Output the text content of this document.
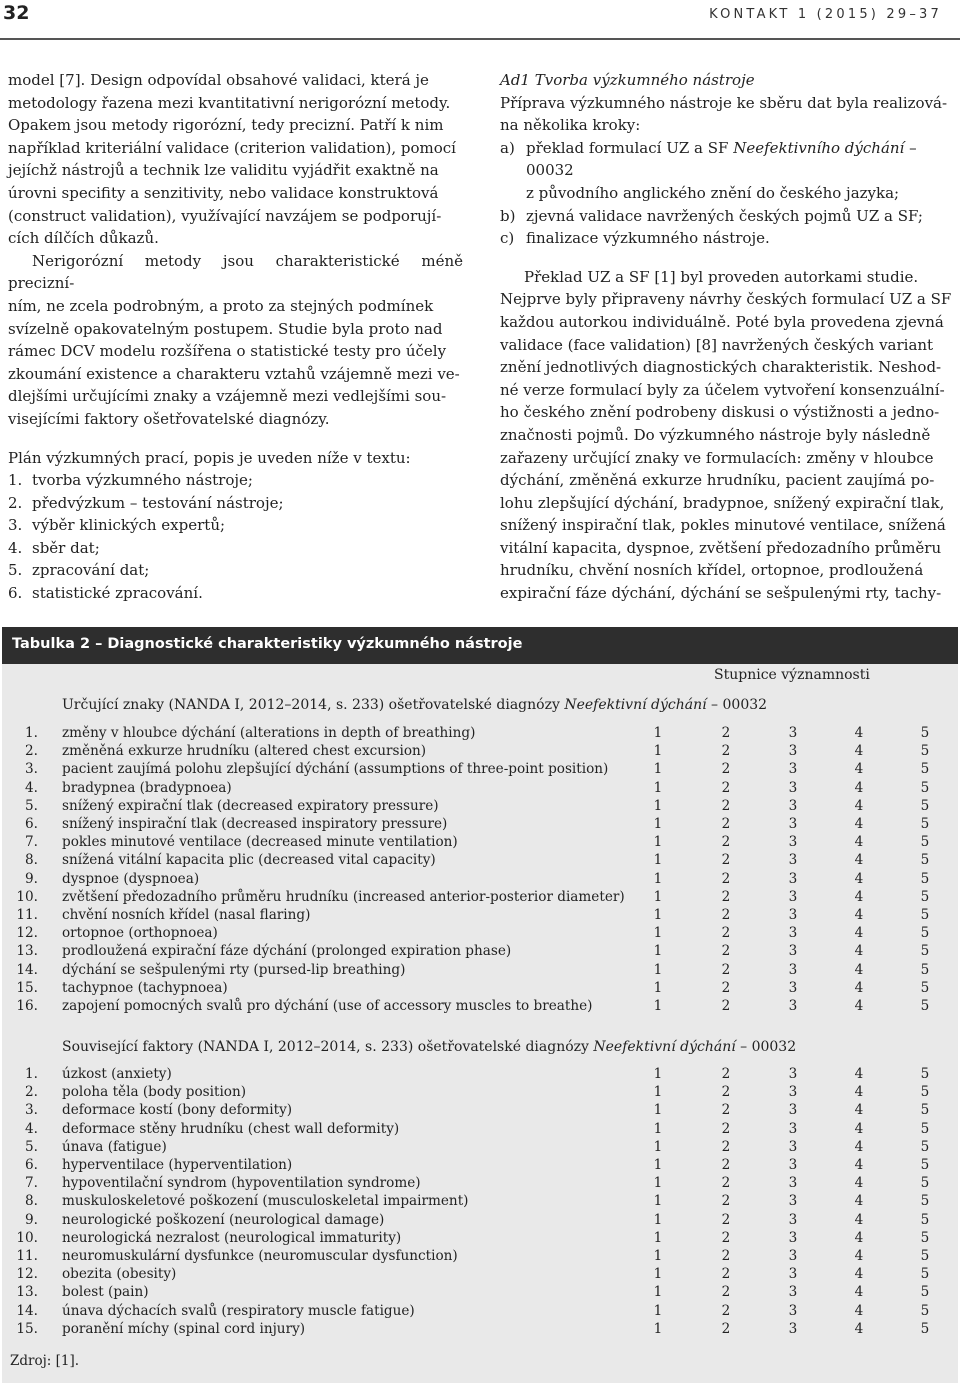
32	KONTAKT 1 (2015) 29–37
model [7]. Design odpovídal obsahové validaci, která je
metodology řazena mezi kvantitativní nerigorózní metody.
Opakem jsou metody rigorózní, tedy precizní. Patří k nim
například kriteriální validace (criterion validation), pomocí
jejíchž nástrojů a technik lze validitu vyjádřit exaktně na
úrovni specifity a senzitivity, nebo validace konstruktová
(construct validation), využívající navzájem se podporují-
cích dílčích důkazů.
Nerigorózní metody jsou charakteristické méně precizní-
ním, ne zcela podrobným, a proto za stejných podmínek
svízelně opakovatelným postupem. Studie byla proto nad
rámec DCV modelu rozšířena o statistické testy pro účely
zkoumání existence a charakteru vztahů vzájemně mezi ve-
dlejšími určujícími znaky a vzájemně mezi vedlejšími sou-
visejícími faktory ošetřovatelské diagnózy.
Plán výzkumných prací, popis je uveden níže v textu:
1. tvorba výzkumného nástroje;
2. předvýzkum – testování nástroje;
3. výběr klinických expertů;
4. sběr dat;
5. zpracování dat;
6. statistické zpracování.
Ad1 Tvorba výzkumného nástroje
Příprava výzkumného nástroje ke sběru dat byla realizová-
na několika kroky:
a) překlad formulací UZ a SF Neefektivního dýchání – 00032
z původního anglického znění do českého jazyka;
b) zjevná validace navržených českých pojmů UZ a SF;
c) finalizace výzkumného nástroje.
Překlad UZ a SF [1] byl proveden autorkami studie.
Nejprve byly připraveny návrhy českých formulací UZ a SF
každou autorkou individuálně. Poté byla provedena zjevná
validace (face validation) [8] navržených českých variant
znění jednotlivých diagnostických charakteristik. Neshod-
né verze formulací byly za účelem vytvoření konsenzuální-
ho českého znění podrobeny diskusi o výstižnosti a jedno-
značnosti pojmů. Do výzkumného nástroje byly následně
zařazeny určující znaky ve formulacích: změny v hloubce
dýchání, změněná exkurze hrudníku, pacient zaujímá po-
lohu zlepšující dýchání, bradypnoe, snížený expirační tlak,
snížený inspirační tlak, pokles minutové ventilace, snížená
vitální kapacita, dyspnoe, zvětšení předozadního průměru
hrudníku, chvění nosních křídel, ortopnoe, prodloužená
expirační fáze dýchání, dýchání se sešpulenými rty, tachy-
Tabulka 2 – Diagnostické charakteristiky výzkumného nástroje
Stupnice významnosti
Určující znaky (NANDA I, 2012–2014, s. 233) ošetřovatelské diagnózy Neefektivní dýchání – 00032
1. změny v hloubce dýchání (alterations in depth of breathing)	1	2	3	4	5
2. změněná exkurze hrudníku (altered chest excursion)	1	2	3	4	5
3. pacient zaujímá polohu zlepšující dýchání (assumptions of three-point position)	1	2	3	4	5
4. bradypnea (bradypnoea)	1	2	3	4	5
5. snížený expirační tlak (decreased expiratory pressure)	1	2	3	4	5
6. snížený inspirační tlak (decreased inspiratory pressure)	1	2	3	4	5
7. pokles minutové ventilace (decreased minute ventilation)	1	2	3	4	5
8. snížená vitální kapacita plic (decreased vital capacity)	1	2	3	4	5
9. dyspnoe (dyspnoea)	1	2	3	4	5
10. zvětšení předozadního průměru hrudníku (increased anterior-posterior diameter)	1	2	3	4	5
11. chvění nosních křídel (nasal flaring)	1	2	3	4	5
12. ortopnoe (orthopnoea)	1	2	3	4	5
13. prodloužená expirační fáze dýchání (prolonged expiration phase)	1	2	3	4	5
14. dýchání se sešpulenými rty (pursed-lip breathing)	1	2	3	4	5
15. tachypnoe (tachypnoea)	1	2	3	4	5
16. zapojení pomocných svalů pro dýchání (use of accessory muscles to breathe)	1	2	3	4	5
Související faktory (NANDA I, 2012–2014, s. 233) ošetřovatelské diagnózy Neefektivní dýchání – 00032
1. úzkost (anxiety)	1	2	3	4	5
2. poloha těla (body position)	1	2	3	4	5
3. deformace kostí (bony deformity)	1	2	3	4	5
4. deformace stěny hrudníku (chest wall deformity)	1	2	3	4	5
5. únava (fatigue)	1	2	3	4	5
6. hyperventilace (hyperventilation)	1	2	3	4	5
7. hypoventilační syndrom (hypoventilation syndrome)	1	2	3	4	5
8. muskuloskeletové poškození (musculoskeletal impairment)	1	2	3	4	5
9. neurologické poškození (neurological damage)	1	2	3	4	5
10. neurologická nezralost (neurological immaturity)	1	2	3	4	5
11. neuromuskulární dysfunkce (neuromuscular dysfunction)	1	2	3	4	5
12. obezita (obesity)	1	2	3	4	5
13. bolest (pain)	1	2	3	4	5
14. únava dýchacích svalů (respiratory muscle fatigue)	1	2	3	4	5
15. poranění míchy (spinal cord injury)	1	2	3	4	5
Zdroj: [1].
